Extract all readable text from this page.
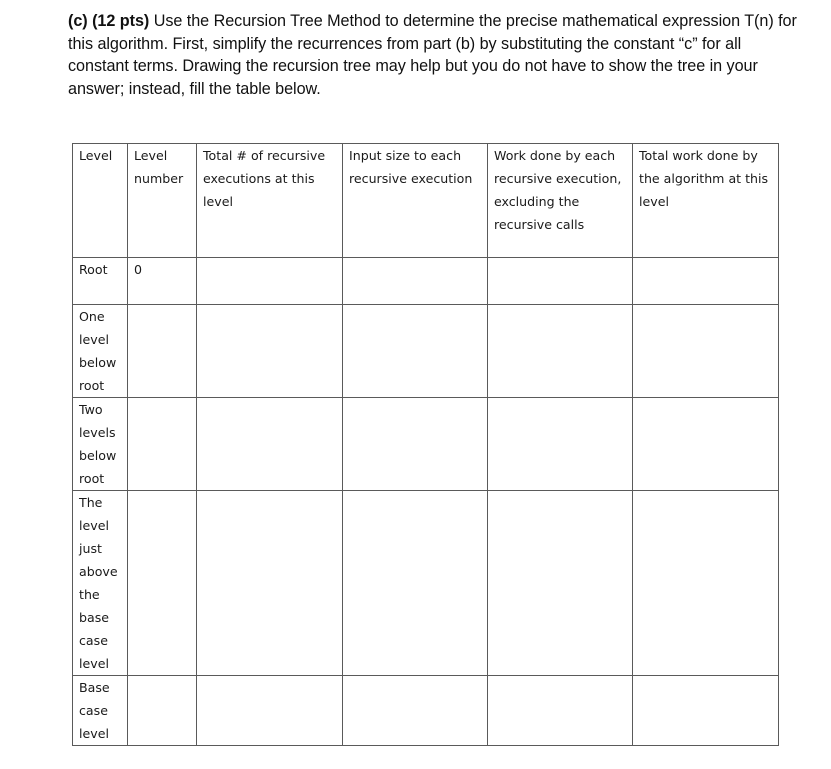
(c) (12 pts) Use the Recursion Tree Method to determine the precise mathematical expression T(n) for this algorithm. First, simplify the recurrences from part (b) by substituting the constant “c” for all constant terms. Drawing the recursion tree may help but you do not have to show the tree in your answer; instead, fill the table below.

Level	Level number	Total # of recursive executions at this level	Input size to each recursive execution	Work done by each recursive execution, excluding the recursive calls	Total work done by the algorithm at this level

Root	0				

One level below root					

Two levels below root					

The level just above the base case level					

Base case level					
